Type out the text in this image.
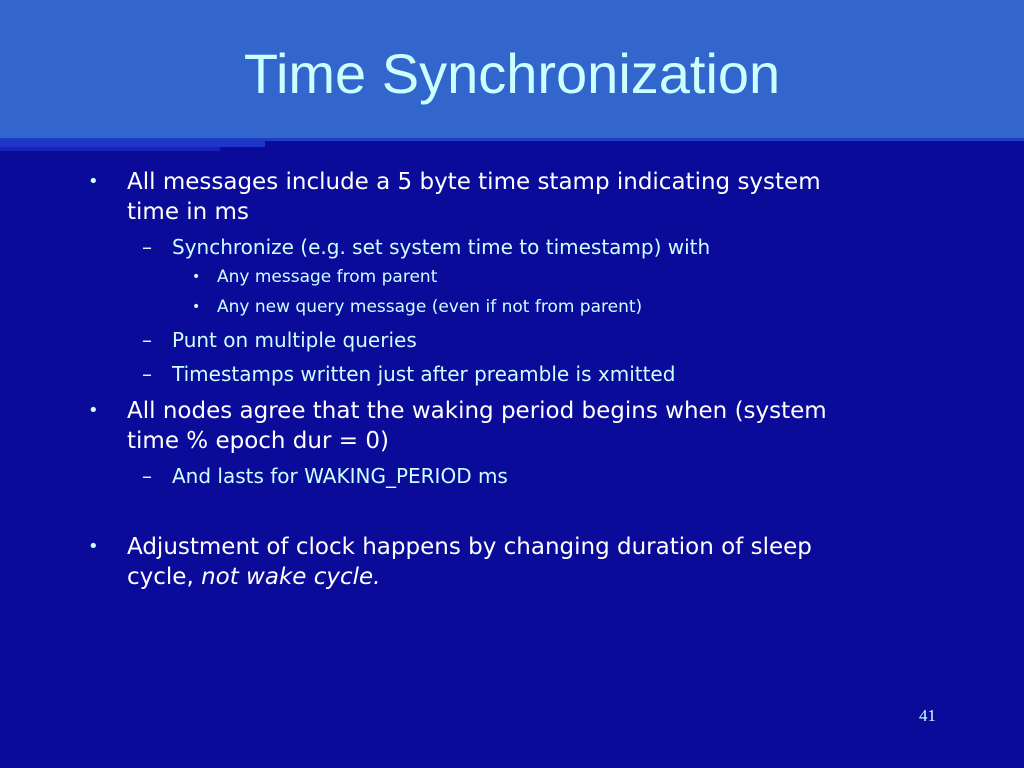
Time Synchronization
• All messages include a 5 byte time stamp indicating system

time in ms

– Synchronize (e.g. set system time to timestamp) with

• Any message from parent

• Any new query message (even if not from parent)

– Punt on multiple queries

– Timestamps written just after preamble is xmitted

• All nodes agree that the waking period begins when (system

time % epoch dur = 0)

– And lasts for WAKING_PERIOD ms

• Adjustment of clock happens by changing duration of sleep

cycle, not wake cycle.

41
